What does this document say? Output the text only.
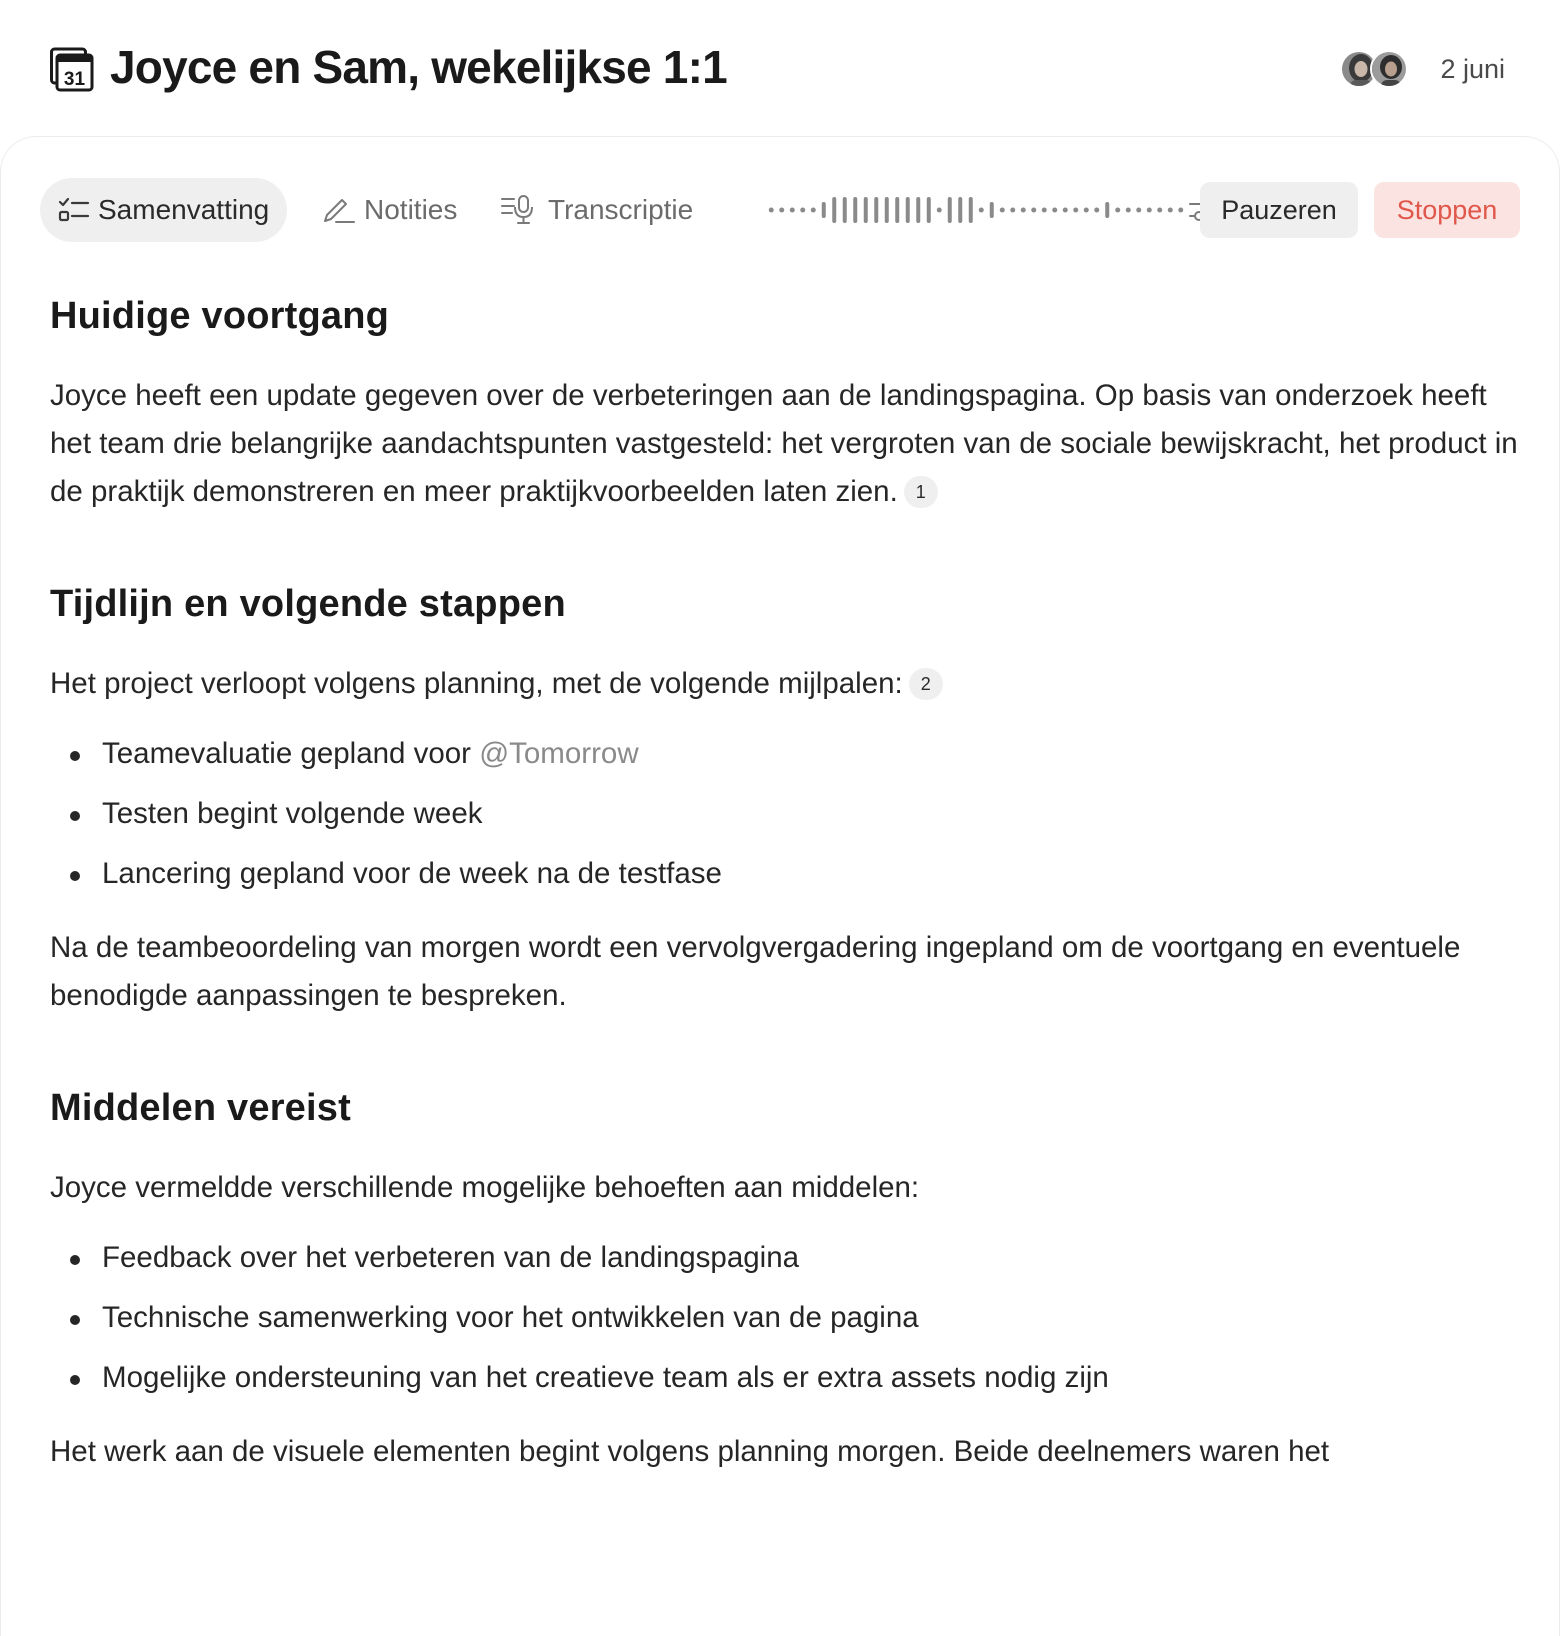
31 Joyce en Sam, wekelijkse 1:1	2 juni
Samenvatting	Notities	Transcriptie	Pauzeren	Stoppen
Huidige voortgang

Joyce heeft een update gegeven over de verbeteringen aan de landingspagina. Op basis van onderzoek heeft het team drie belangrijke aandachtspunten vastgesteld: het vergroten van de sociale bewijskracht, het product in de praktijk demonstreren en meer praktijkvoorbeelden laten zien. 1

Tijdlijn en volgende stappen

Het project verloopt volgens planning, met de volgende mijlpalen: 2

Teamevaluatie gepland voor @Tomorrow
Testen begint volgende week
Lancering gepland voor de week na de testfase

Na de teambeoordeling van morgen wordt een vervolgvergadering ingepland om de voortgang en eventuele benodigde aanpassingen te bespreken.

Middelen vereist

Joyce vermeldde verschillende mogelijke behoeften aan middelen:

Feedback over het verbeteren van de landingspagina
Technische samenwerking voor het ontwikkelen van de pagina
Mogelijke ondersteuning van het creatieve team als er extra assets nodig zijn

Het werk aan de visuele elementen begint volgens planning morgen. Beide deelnemers waren het
